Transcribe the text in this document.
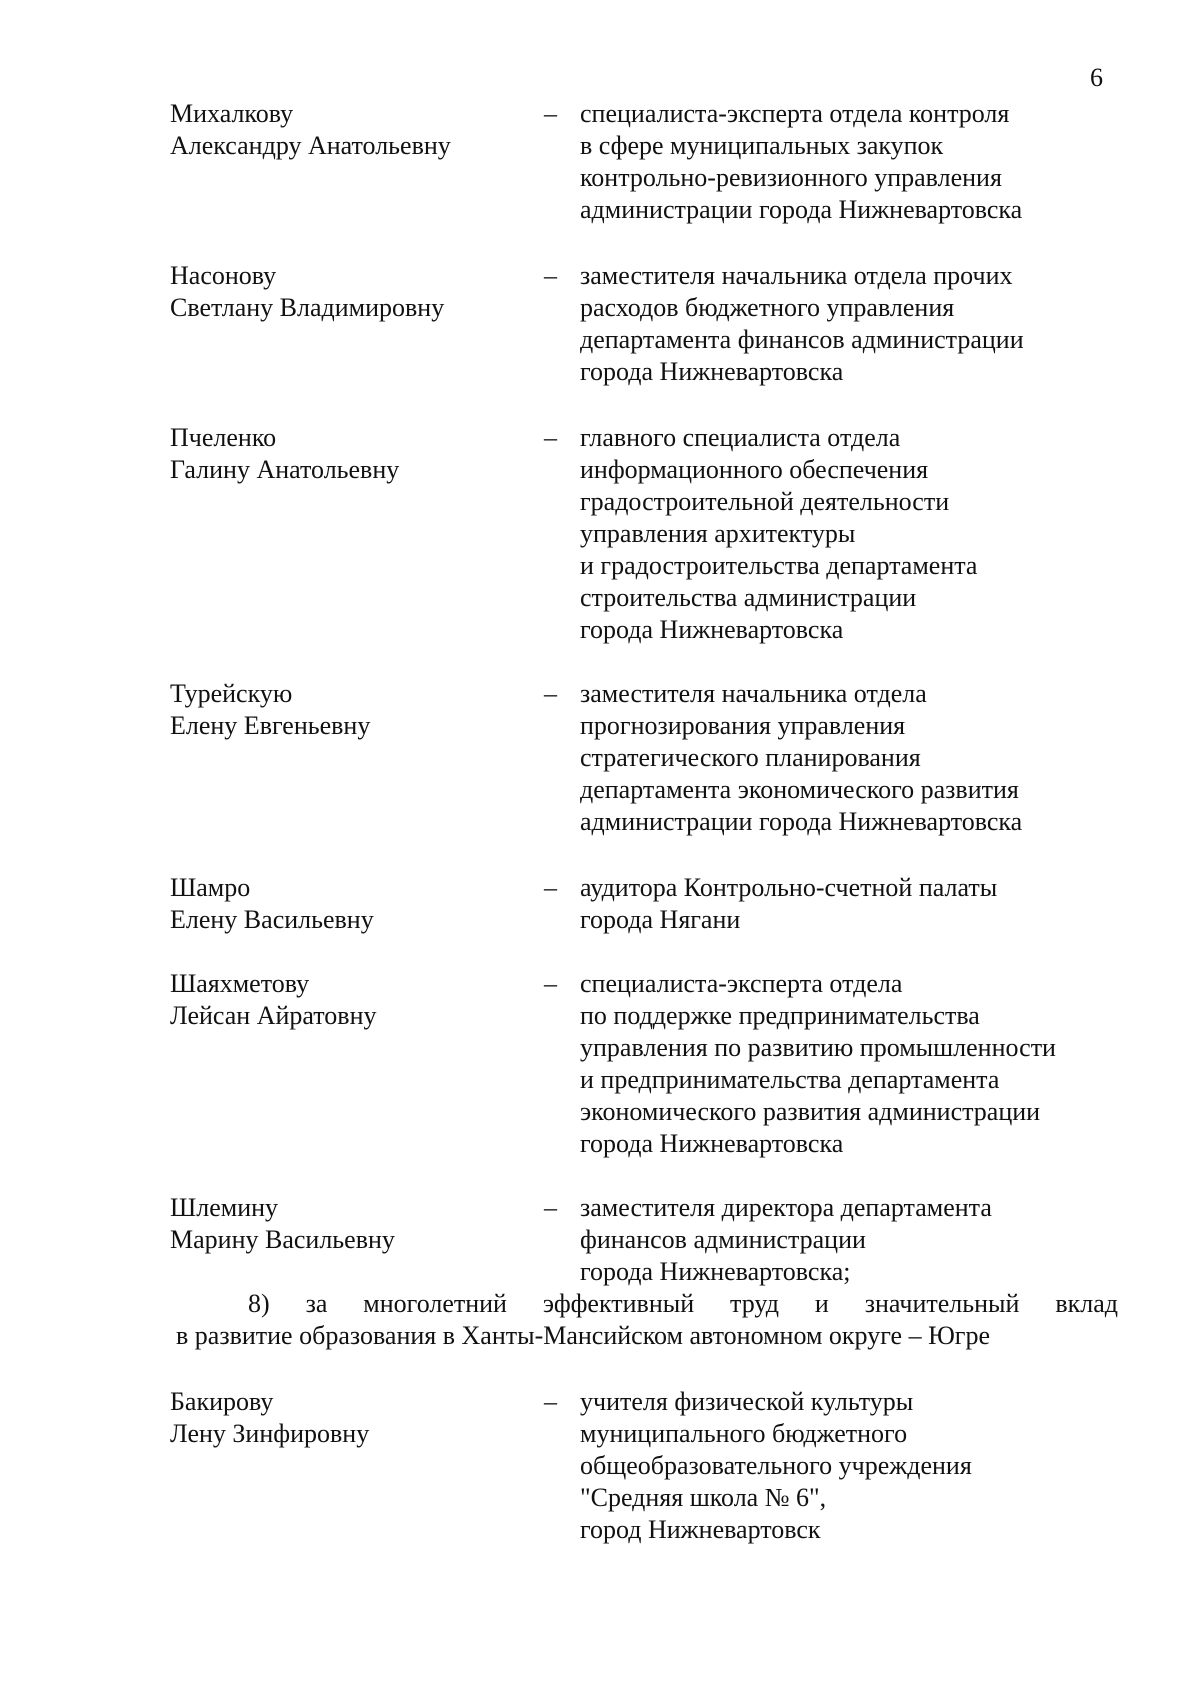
6
Михалкову
Александру Анатольевну
– специалиста-эксперта отдела контроля
в сфере муниципальных закупок
контрольно-ревизионного управления
администрации города Нижневартовска
Насонову
Светлану Владимировну
– заместителя начальника отдела прочих
расходов бюджетного управления
департамента финансов администрации
города Нижневартовска
Пчеленко
Галину Анатольевну
– главного специалиста отдела
информационного обеспечения
градостроительной деятельности
управления архитектуры
и градостроительства департамента
строительства администрации
города Нижневартовска
Турейскую
Елену Евгеньевну
– заместителя начальника отдела
прогнозирования управления
стратегического планирования
департамента экономического развития
администрации города Нижневартовска
Шамро
Елену Васильевну
– аудитора Контрольно-счетной палаты
города Нягани
Шаяхметову
Лейсан Айратовну
– специалиста-эксперта отдела
по поддержке предпринимательства
управления по развитию промышленности
и предпринимательства департамента
экономического развития администрации
города Нижневартовска
Шлемину
Марину Васильевну
– заместителя директора департамента
финансов администрации
города Нижневартовска;
8) за многолетний эффективный труд и значительный вклад
в развитие образования в Ханты-Мансийском автономном округе – Югре
Бакирову
Лену Зинфировну
– учителя физической культуры
муниципального бюджетного
общеобразовательного учреждения
"Средняя школа № 6",
город Нижневартовск
